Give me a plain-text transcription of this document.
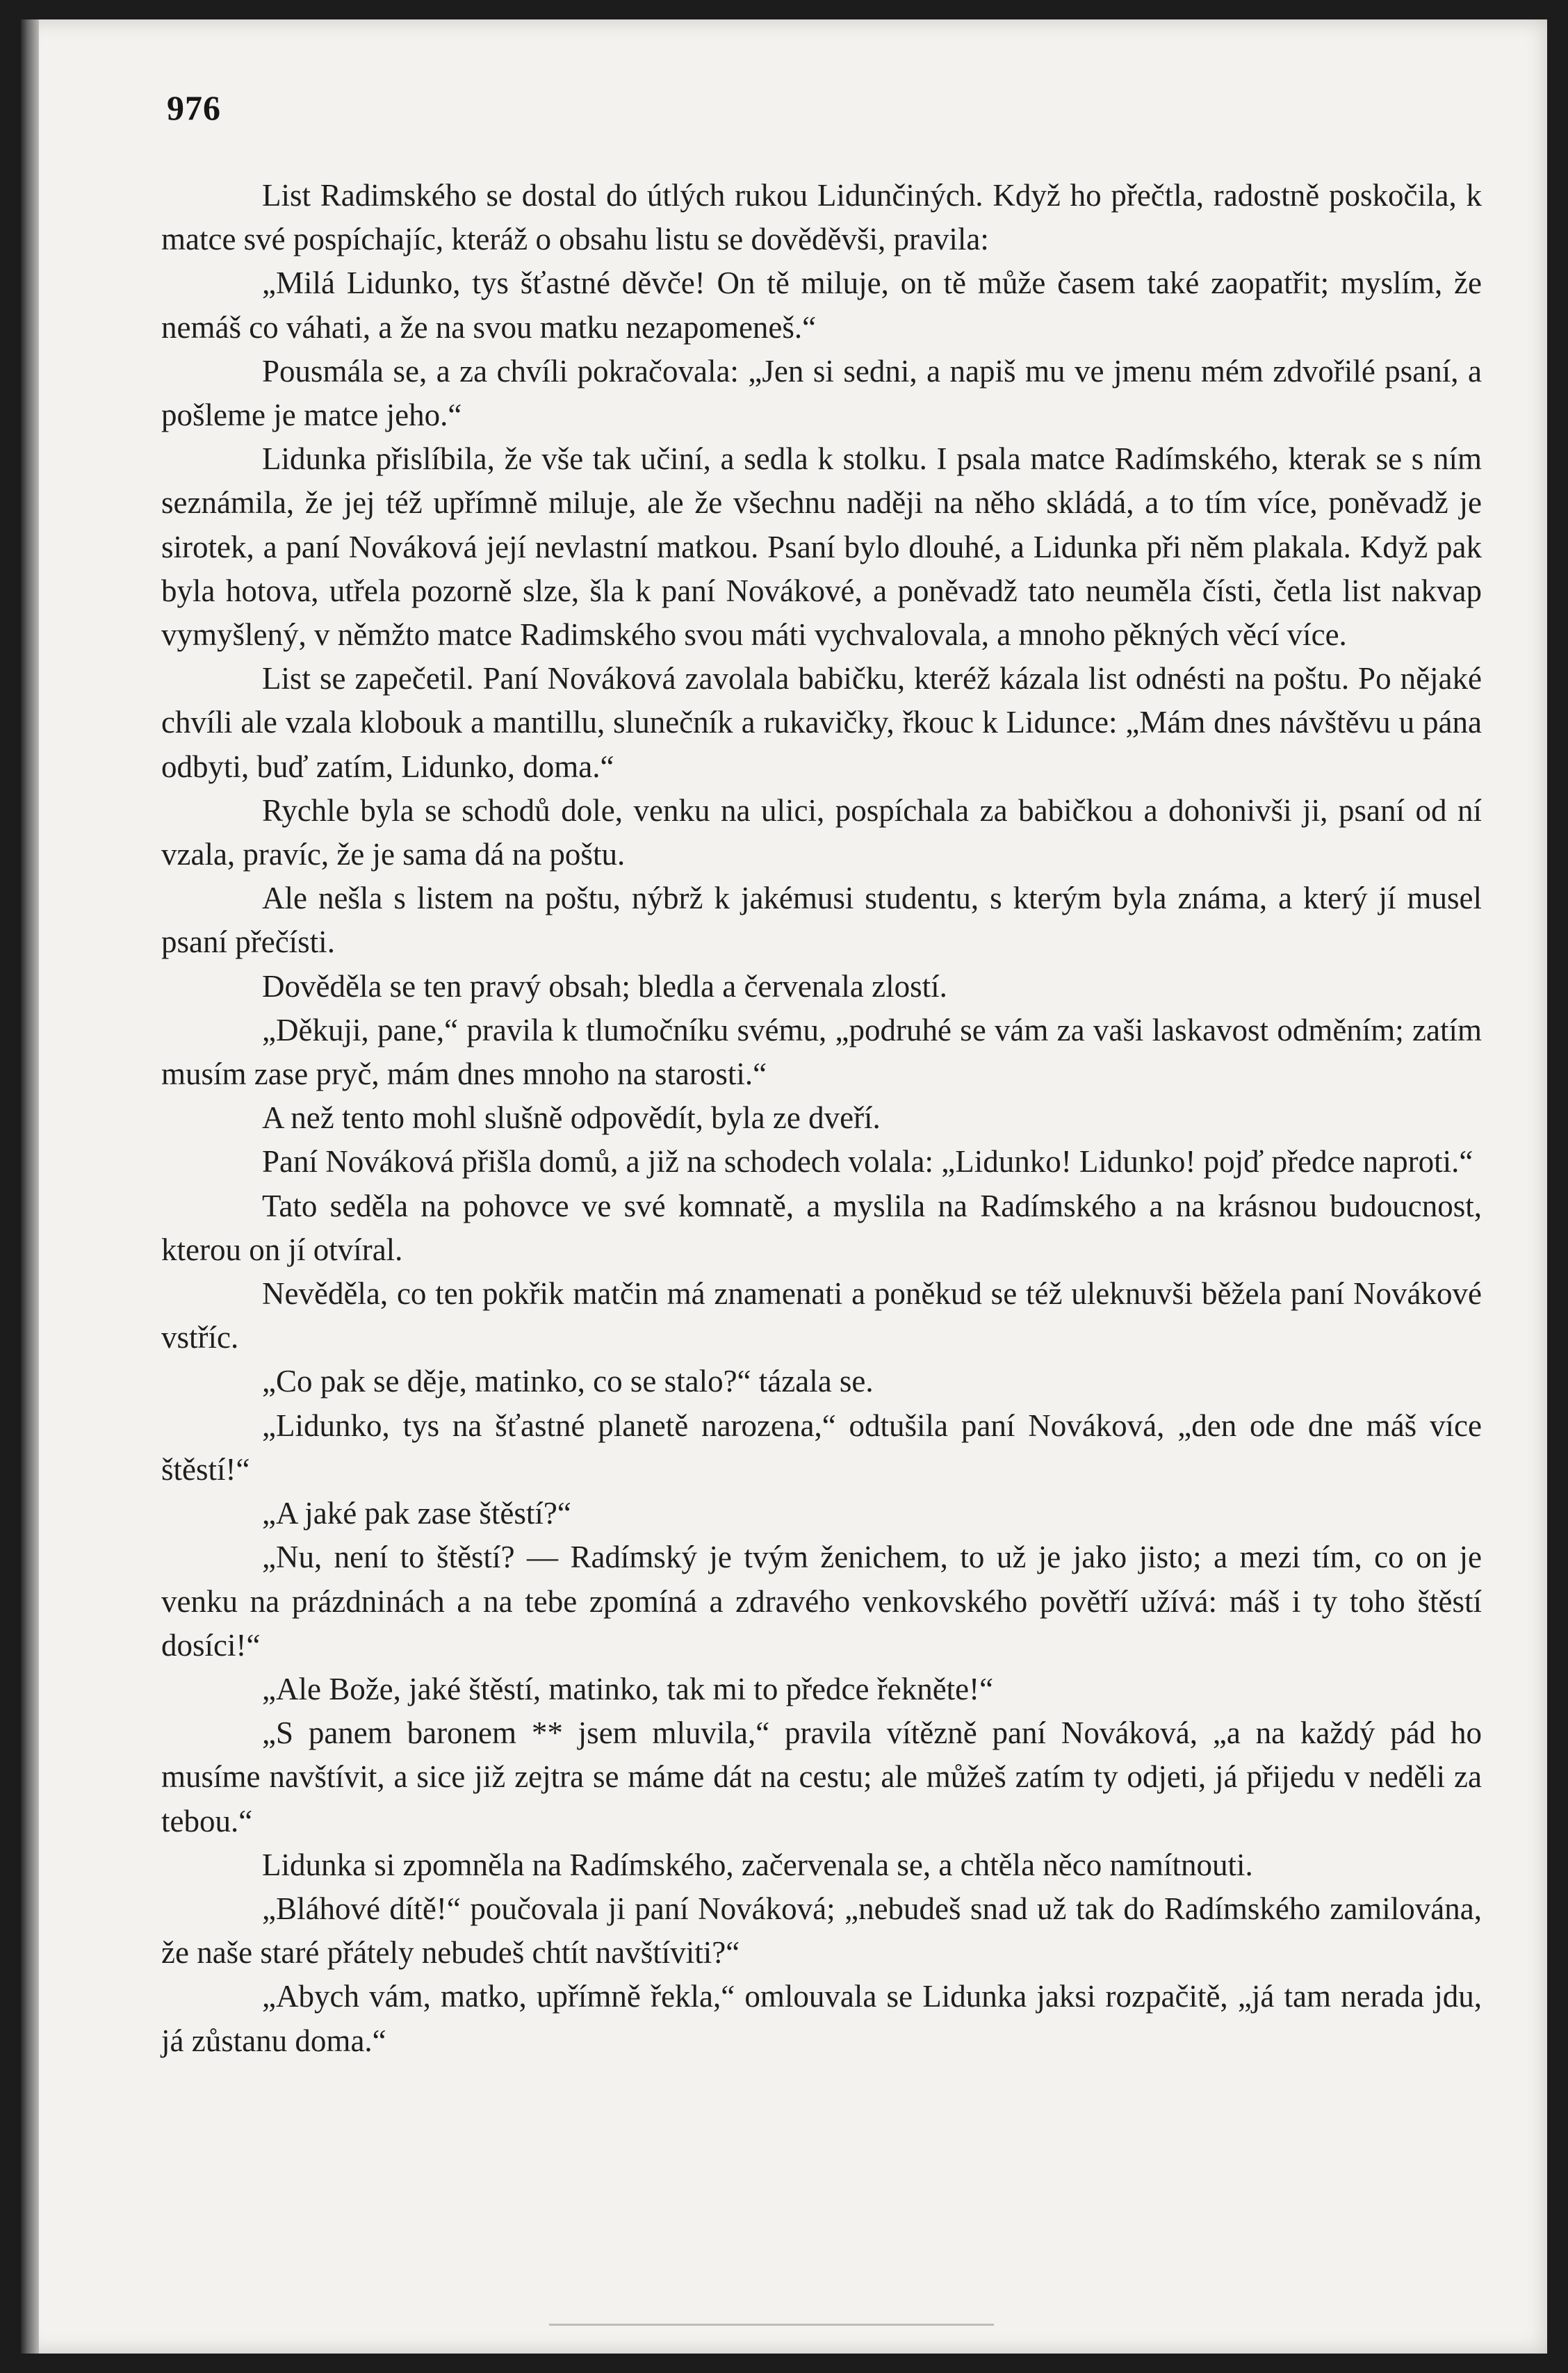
976

List Radimského se dostal do útlých rukou Lidunčiných. Když ho přečtla, radostně poskočila, k matce své pospíchajíc, kteráž o obsahu listu se dověděvši, pravila:

„Milá Lidunko, tys šťastné děvče! On tě miluje, on tě může časem také zaopatřit; myslím, že nemáš co váhati, a že na svou matku nezapomeneš.“

Pousmála se, a za chvíli pokračovala: „Jen si sedni, a napiš mu ve jmenu mém zdvořilé psaní, a pošleme je matce jeho.“

Lidunka přislíbila, že vše tak učiní, a sedla k stolku. I psala matce Radímského, kterak se s ním seznámila, že jej též upřímně miluje, ale že všechnu naději na něho skládá, a to tím více, poněvadž je sirotek, a paní Nováková její nevlastní matkou. Psaní bylo dlouhé, a Lidunka při něm plakala. Když pak byla hotova, utřela pozorně slze, šla k paní Novákové, a poněvadž tato neuměla čísti, četla list nakvap vymyšlený, v němžto matce Radimského svou máti vychvalovala, a mnoho pěkných věcí více.

List se zapečetil. Paní Nováková zavolala babičku, kteréž kázala list odnésti na poštu. Po nějaké chvíli ale vzala klobouk a mantillu, slunečník a rukavičky, řkouc k Lidunce: „Mám dnes návštěvu u pána odbyti, buď zatím, Lidunko, doma.“

Rychle byla se schodů dole, venku na ulici, pospíchala za babičkou a dohonivši ji, psaní od ní vzala, pravíc, že je sama dá na poštu.

Ale nešla s listem na poštu, nýbrž k jakémusi studentu, s kterým byla známa, a který jí musel psaní přečísti.

Dověděla se ten pravý obsah; bledla a červenala zlostí.

„Děkuji, pane,“ pravila k tlumočníku svému, „podruhé se vám za vaši laskavost odměním; zatím musím zase pryč, mám dnes mnoho na starosti.“

A než tento mohl slušně odpovědít, byla ze dveří.

Paní Nováková přišla domů, a již na schodech volala: „Lidunko! Lidunko! pojď předce naproti.“

Tato seděla na pohovce ve své komnatě, a myslila na Radímského a na krásnou budoucnost, kterou on jí otvíral.

Nevěděla, co ten pokřik matčin má znamenati a poněkud se též uleknuvši běžela paní Novákové vstříc.

„Co pak se děje, matinko, co se stalo?“ tázala se.

„Lidunko, tys na šťastné planetě narozena,“ odtušila paní Nováková, „den ode dne máš více štěstí!“

„A jaké pak zase štěstí?“

„Nu, není to štěstí? — Radímský je tvým ženichem, to už je jako jisto; a mezi tím, co on je venku na prázdninách a na tebe zpomíná a zdravého venkovského povětří užívá: máš i ty toho štěstí dosíci!“

„Ale Bože, jaké štěstí, matinko, tak mi to předce řekněte!“

„S panem baronem ** jsem mluvila,“ pravila vítězně paní Nováková, „a na každý pád ho musíme navštívit, a sice již zejtra se máme dát na cestu; ale můžeš zatím ty odjeti, já přijedu v neděli za tebou.“

Lidunka si zpomněla na Radímského, začervenala se, a chtěla něco namítnouti.

„Bláhové dítě!“ poučovala ji paní Nováková; „nebudeš snad už tak do Radímského zamilována, že naše staré přátely nebudeš chtít navštíviti?“

„Abych vám, matko, upřímně řekla,“ omlouvala se Lidunka jaksi rozpačitě, „já tam nerada jdu, já zůstanu doma.“
